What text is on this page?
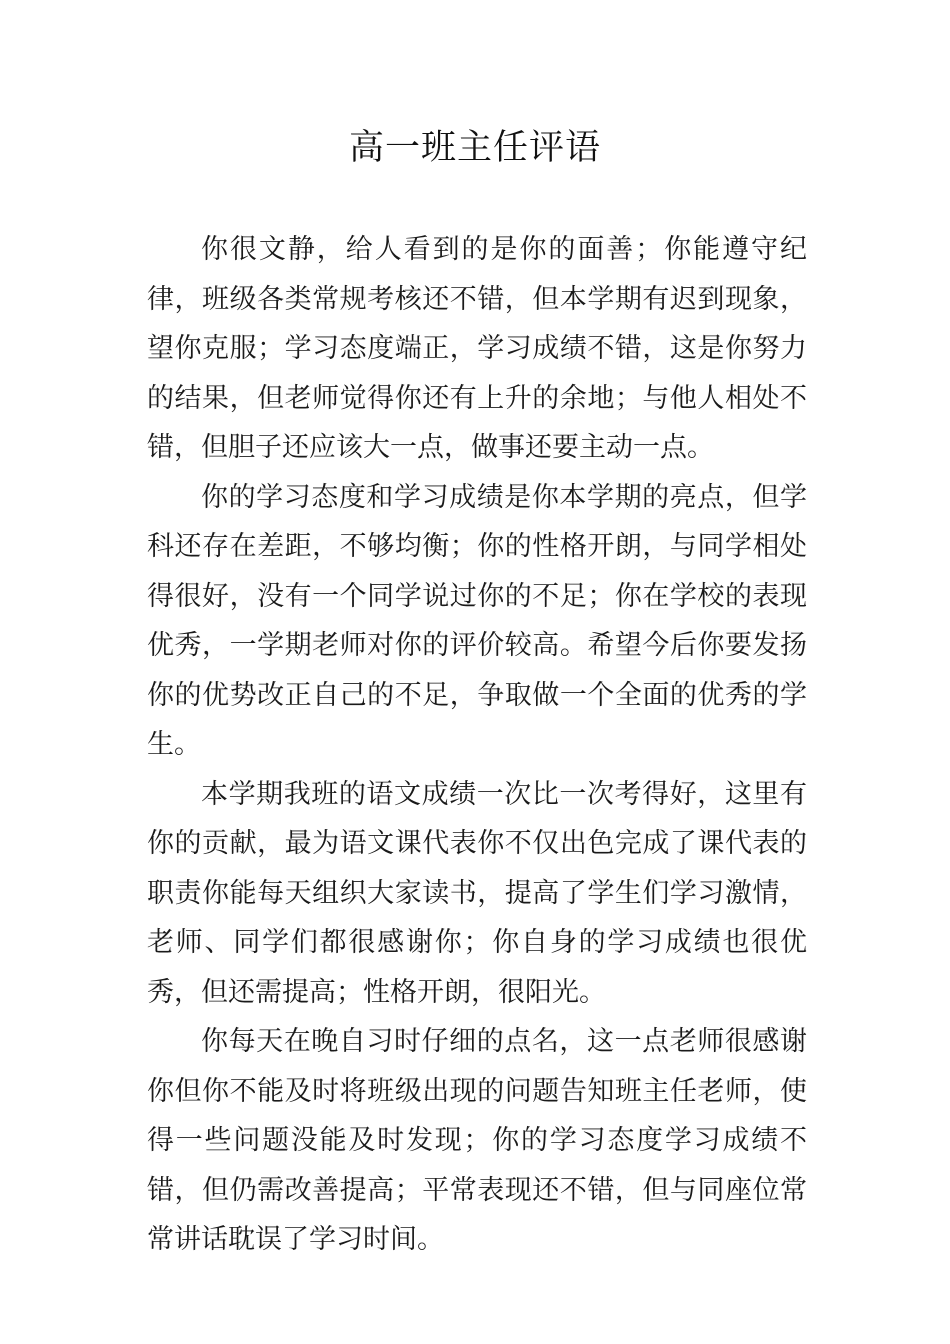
高一班主任评语

你很文静，给人看到的是你的面善；你能遵守纪律，班级各类常规考核还不错，但本学期有迟到现象，望你克服；学习态度端正，学习成绩不错，这是你努力的结果，但老师觉得你还有上升的余地；与他人相处不错，但胆子还应该大一点，做事还要主动一点。

你的学习态度和学习成绩是你本学期的亮点，但学科还存在差距，不够均衡；你的性格开朗，与同学相处得很好，没有一个同学说过你的不足；你在学校的表现优秀，一学期老师对你的评价较高。希望今后你要发扬你的优势改正自己的不足，争取做一个全面的优秀的学生。

本学期我班的语文成绩一次比一次考得好，这里有你的贡献，最为语文课代表你不仅出色完成了课代表的职责你能每天组织大家读书，提高了学生们学习激情，老师、同学们都很感谢你；你自身的学习成绩也很优秀，但还需提高；性格开朗，很阳光。

你每天在晚自习时仔细的点名，这一点老师很感谢你但你不能及时将班级出现的问题告知班主任老师，使得一些问题没能及时发现；你的学习态度学习成绩不错，但仍需改善提高；平常表现还不错，但与同座位常常讲话耽误了学习时间。
